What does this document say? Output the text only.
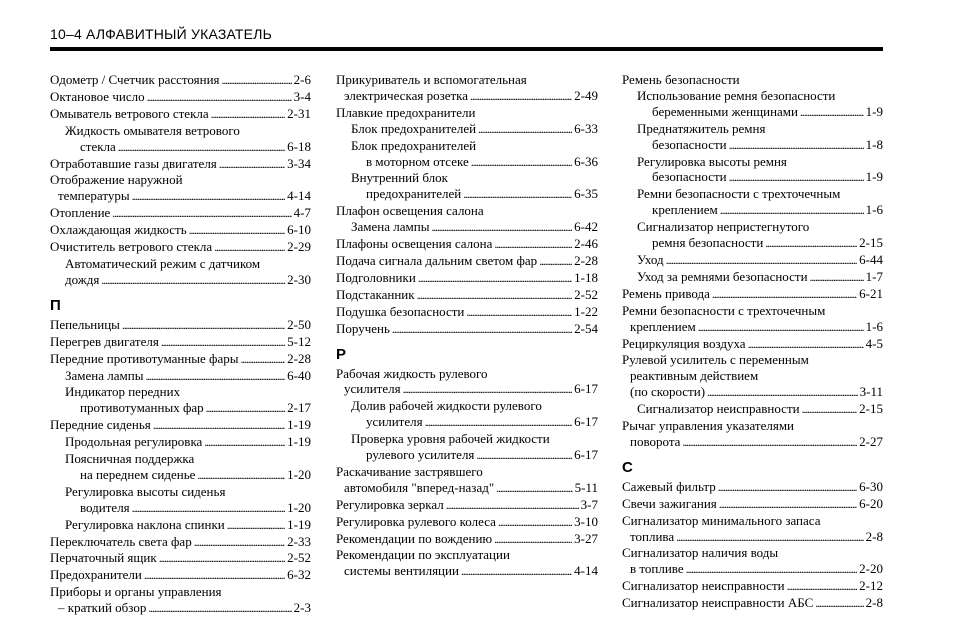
10–4 АЛФАВИТНЫЙ УКАЗАТЕЛЬ
Одометр / Счетчик расстояния . . .	2-6
Октановое число . . .	3-4
Омыватель ветрового стекла . . .	2-31
Жидкость омывателя ветрового
стекла . . .	6-18
Отработавшие газы двигателя . . .	3-34
Отображение наружной
температуры . . .	4-14
Отопление . . .	4-7
Охлаждающая жидкость . . .	6-10
Очиститель ветрового стекла . . .	2-29
Автоматический режим с датчиком
дождя . . .	2-30
П
Пепельницы . . .	2-50
Перегрев двигателя . . .	5-12
Передние противотуманные фары . . .	2-28
Замена лампы . . .	6-40
Индикатор передних
противотуманных фар . . .	2-17
Передние сиденья . . .	1-19
Продольная регулировка . . .	1-19
Поясничная поддержка
на переднем сиденье . . .	1-20
Регулировка высоты сиденья
водителя . . .	1-20
Регулировка наклона спинки . . .	1-19
Переключатель света фар . . .	2-33
Перчаточный ящик . . .	2-52
Предохранители . . .	6-32
Приборы и органы управления
– краткий обзор . . .	2-3
Прикуриватель и вспомогательная
электрическая розетка . . .	2-49
Плавкие предохранители
Блок предохранителей . . .	6-33
Блок предохранителей
в моторном отсеке . . .	6-36
Внутренний блок
предохранителей . . .	6-35
Плафон освещения салона
Замена лампы . . .	6-42
Плафоны освещения салона . . .	2-46
Подача сигнала дальним светом фар . . .	2-28
Подголовники . . .	1-18
Подстаканник . . .	2-52
Подушка безопасности . . .	1-22
Поручень . . .	2-54
Р
Рабочая жидкость рулевого
усилителя . . .	6-17
Долив рабочей жидкости рулевого
усилителя . . .	6-17
Проверка уровня рабочей жидкости
рулевого усилителя . . .	6-17
Раскачивание застрявшего
автомобиля "вперед-назад" . . .	5-11
Регулировка зеркал . . .	3-7
Регулировка рулевого колеса . . .	3-10
Рекомендации по вождению . . .	3-27
Рекомендации по эксплуатации
системы вентиляции . . .	4-14
Ремень безопасности
Использование ремня безопасности
беременными женщинами . . .	1-9
Преднатяжитель ремня
безопасности . . .	1-8
Регулировка высоты ремня
безопасности . . .	1-9
Ремни безопасности с трехточечным
креплением . . .	1-6
Сигнализатор непристегнутого
ремня безопасности . . .	2-15
Уход . . .	6-44
Уход за ремнями безопасности . . .	1-7
Ремень привода . . .	6-21
Ремни безопасности с трехточечным
креплением . . .	1-6
Рециркуляция воздуха . . .	4-5
Рулевой усилитель с переменным
реактивным действием
(по скорости) . . .	3-11
Сигнализатор неисправности . . .	2-15
Рычаг управления указателями
поворота . . .	2-27
С
Сажевый фильтр . . .	6-30
Свечи зажигания . . .	6-20
Сигнализатор минимального запаса
топлива . . .	2-8
Сигнализатор наличия воды
в топливе . . .	2-20
Сигнализатор неисправности . . .	2-12
Сигнализатор неисправности АБС . . .	2-8
